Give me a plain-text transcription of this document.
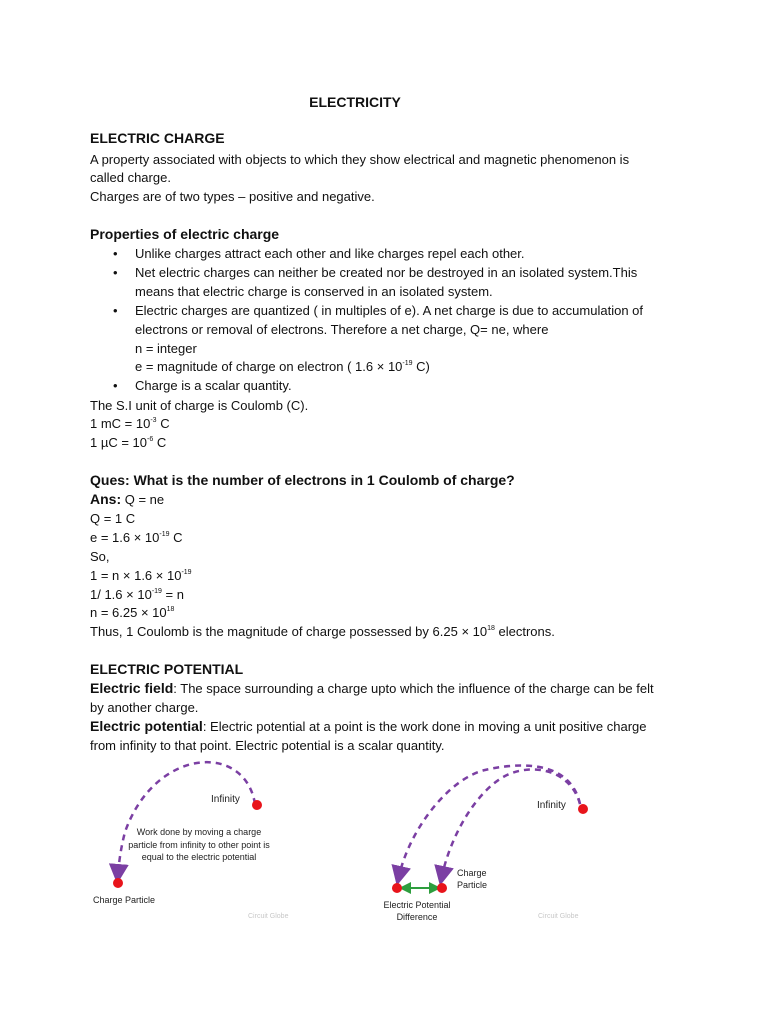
ELECTRICITY
ELECTRIC CHARGE
A property associated with objects to which they show electrical and magnetic phenomenon is
called charge.
Charges are of two types – positive and negative.
Properties of electric charge
• Unlike charges attract each other and like charges repel each other.
• Net electric charges can neither be created nor be destroyed in an isolated system.This
means that electric charge is conserved in an isolated system.
• Electric charges are quantized ( in multiples of e). A net charge is due to accumulation of
electrons or removal of electrons. Therefore a net charge, Q= ne, where
n = integer
e = magnitude of charge on electron ( $1.6 \times 10^{-19}$ C)
• Charge is a scalar quantity.
The S.I unit of charge is Coulomb (C).
1 mC = $10^{-3}$ C
1 $\mu C = 10^{-6}$ C
Ques: What is the number of electrons in 1 Coulomb of charge?
Ans: Q = ne
Q = 1 C
$e = 1.6 \times 10^{-19}$ C
So,
$1 = n \times 1.6 \times 10^{-19}$
1/ $1.6 \times 10^{-19} = n$
$n = 6.25 \times 10^{18}$
Thus, 1 Coulomb is the magnitude of charge possessed by $6.25 \times 10^{18}$ electrons.
ELECTRIC POTENTIAL
Electric field: The space surrounding a charge upto which the influence of the charge can be felt
by another charge.
Electric potential: Electric potential at a point is the work done in moving a unit positive charge
from infinity to that point. Electric potential is a scalar quantity.
Infinity
Work done by moving a charge
particle from infinity to other point is
equal to the electric potential
Charge Particle
Circuit Globe
Infinity
Charge
Particle
Electric Potential
Difference	Circuit Globe
